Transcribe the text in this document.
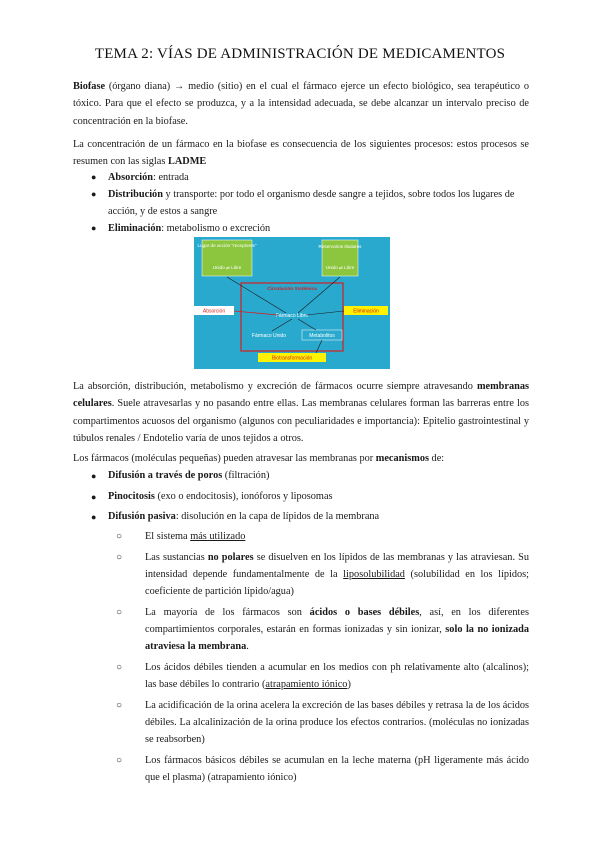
TEMA 2: VÍAS DE ADMINISTRACIÓN DE MEDICAMENTOS

Biofase (órgano diana) → medio (sitio) en el cual el fármaco ejerce un efecto biológico, sea terapéutico o tóxico. Para que el efecto se produzca, y a la intensidad adecuada, se debe alcanzar un intervalo preciso de concentración en la biofase.

La concentración de un fármaco en la biofase es consecuencia de los siguientes procesos: estos procesos se resumen con las siglas LADME

● Absorción: entrada
● Distribución y transporte: por todo el organismo desde sangre a tejidos, sobre todos los lugares de acción, y de estos a sangre
● Eliminación: metabolismo o excreción
Lugar de acción "receptores"
Unido ⇌ Libre
Reservorios tisulares
Unido ⇌ Libre
Circulación Sistémica
Fármaco Libre
Fármaco Unido	Metabolitos
Absorción	Eliminación
Biotransformación

La absorción, distribución, metabolismo y excreción de fármacos ocurre siempre atravesando membranas celulares. Suele atravesarlas y no pasando entre ellas. Las membranas celulares forman las barreras entre los compartimentos acuosos del organismo (algunos con peculiaridades e importancia): Epitelio gastrointestinal y túbulos renales / Endotelio varía de unos tejidos a otros.

Los fármacos (moléculas pequeñas) pueden atravesar las membranas por mecanismos de:

● Difusión a través de poros (filtración)
● Pinocitosis (exo o endocitosis), ionóforos y liposomas
● Difusión pasiva: disolución en la capa de lípidos de la membrana
○ El sistema más utilizado
○ Las sustancias no polares se disuelven en los lípidos de las membranas y las atraviesan. Su intensidad depende fundamentalmente de la liposolubilidad (solubilidad en los lípidos; coeficiente de partición lípido/agua)
○ La mayoría de los fármacos son ácidos o bases débiles, así, en los diferentes compartimientos corporales, estarán en formas ionizadas y sin ionizar, solo la no ionizada atraviesa la membrana.
○ Los ácidos débiles tienden a acumular en los medios con ph relativamente alto (alcalinos); las base débiles lo contrario (atrapamiento iónico)
○ La acidificación de la orina acelera la excreción de las bases débiles y retrasa la de los ácidos débiles. La alcalinización de la orina produce los efectos contrarios. (moléculas no ionizadas se reabsorben)
○ Los fármacos básicos débiles se acumulan en la leche materna (pH ligeramente más ácido que el plasma) (atrapamiento iónico)
